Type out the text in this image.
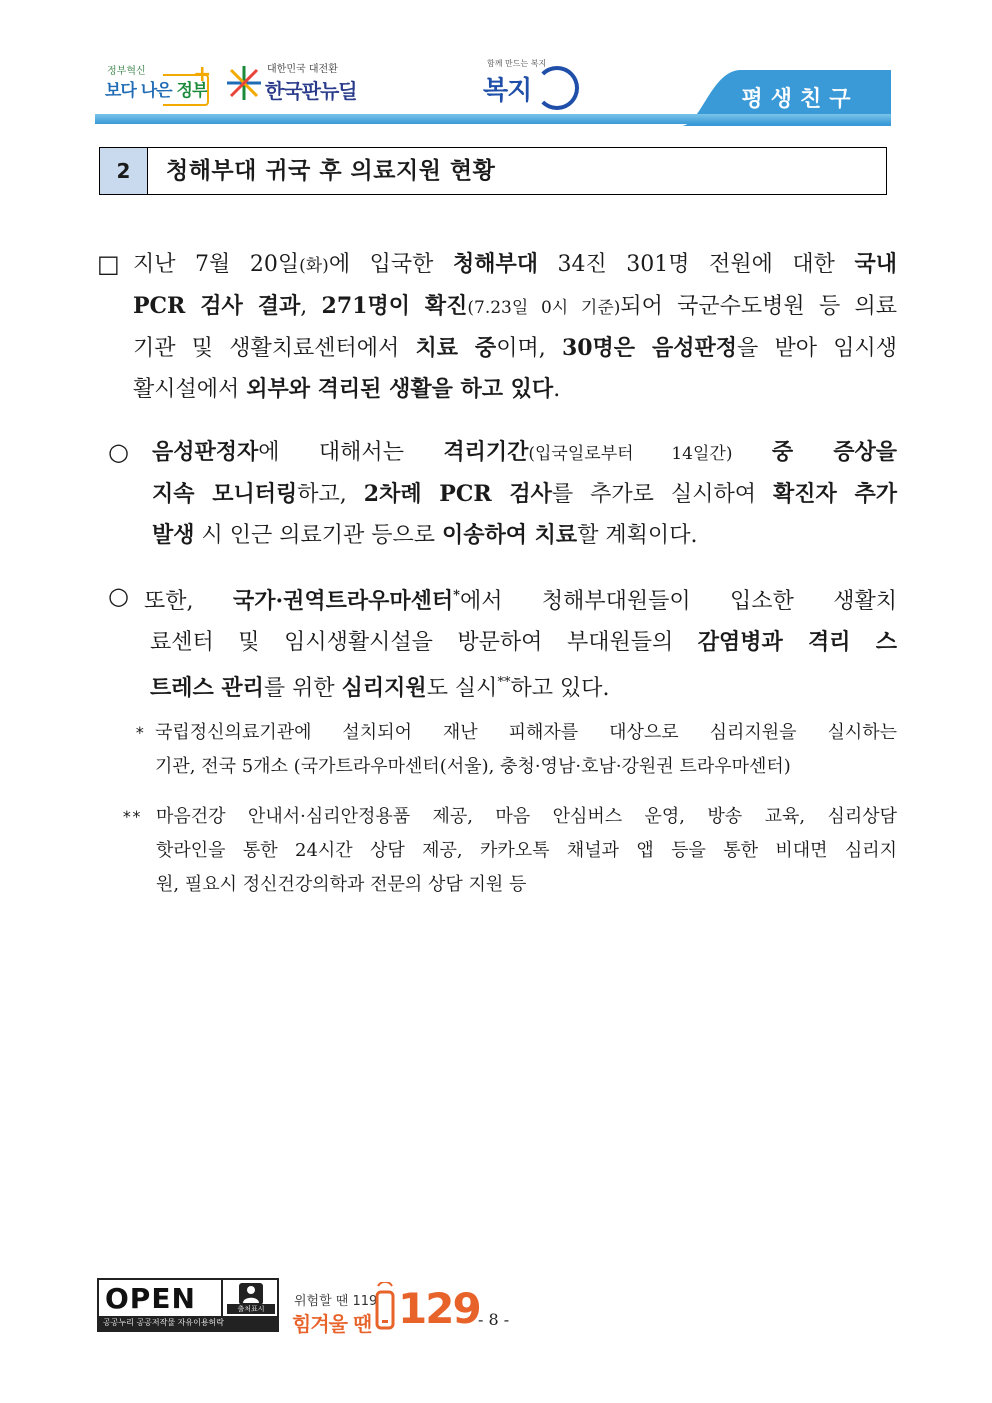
정부혁신
보다 나은 정부
+	대한민국 대전환
한국판뉴딜
함께 만드는 복지
복지	평생친구
2	청해부대 귀국 후 의료지원 현황
□ 지난 7월 20일(화)에 입국한 청해부대 34진 301명 전원에 대한 국내
PCR 검사 결과, 271명이 확진(7.23일 0시 기준)되어 국군수도병원 등 의료
기관 및 생활치료센터에서 치료 중이며, 30명은 음성판정을 받아 임시생
활시설에서 외부와 격리된 생활을 하고 있다.
○ 음성판정자에 대해서는 격리기간(입국일로부터 14일간) 중 증상을
지속 모니터링하고, 2차례 PCR 검사를 추가로 실시하여 확진자 추가
발생 시 인근 의료기관 등으로 이송하여 치료할 계획이다.
○ 또한, 국가·권역트라우마센터*에서 청해부대원들이 입소한 생활치
료센터 및 임시생활시설을 방문하여 부대원들의 감염병과 격리 스
트레스 관리를 위한 심리지원도 실시**하고 있다.
* 국립정신의료기관에 설치되어 재난 피해자를 대상으로 심리지원을 실시하는
기관, 전국 5개소 (국가트라우마센터(서울), 충청·영남·호남·강원권 트라우마센터)
** 마음건강 안내서·심리안정용품 제공, 마음 안심버스 운영, 방송 교육, 심리상담
핫라인을 통한 24시간 상담 제공, 카카오톡 채널과 앱 등을 통한 비대면 심리지
원, 필요시 정신건강의학과 전문의 상담 지원 등
OPEN	출처표시
공공누리 공공저작물 자유이용허락
위험할 땐 119
힘겨울 땐 129
- 8 -
